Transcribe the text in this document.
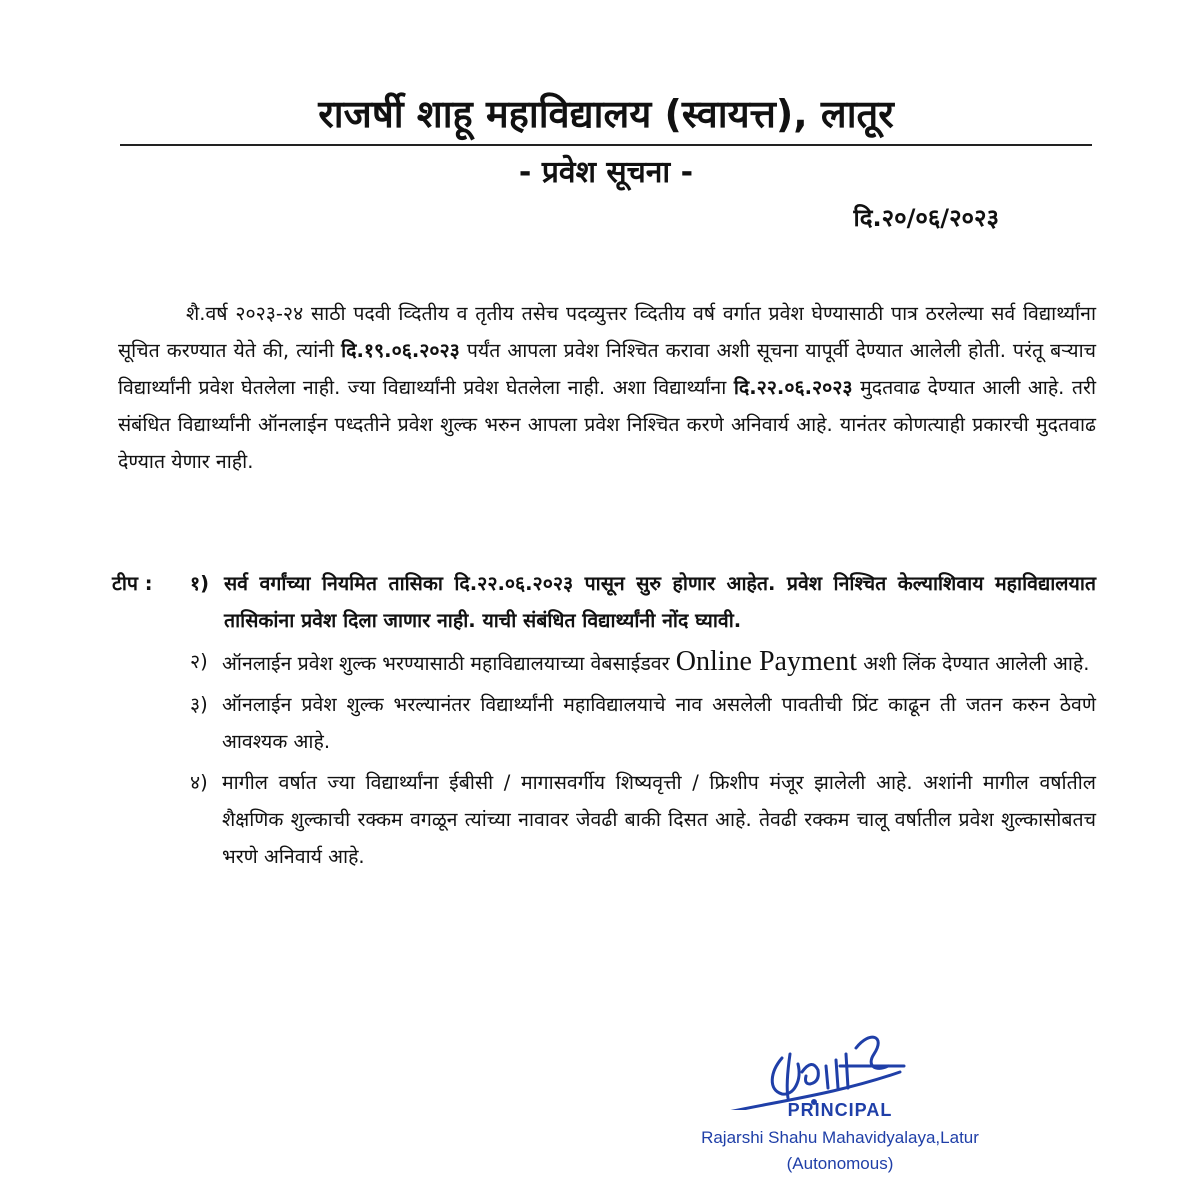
राजर्षी शाहू महाविद्यालय (स्वायत्त), लातूर
- प्रवेश सूचना -
दि.२०/०६/२०२३
शै.वर्ष २०२३-२४ साठी पदवी व्दितीय व तृतीय तसेच पदव्युत्तर व्दितीय वर्ष वर्गात प्रवेश घेण्यासाठी पात्र ठरलेल्या सर्व विद्यार्थ्यांना सूचित करण्यात येते की, त्यांनी दि.१९.०६.२०२३ पर्यंत आपला प्रवेश निश्चित करावा अशी सूचना यापूर्वी देण्यात आलेली होती. परंतू बऱ्याच विद्यार्थ्यांनी प्रवेश घेतलेला नाही. ज्या विद्यार्थ्यांनी प्रवेश घेतलेला नाही. अशा विद्यार्थ्यांना दि.२२.०६.२०२३ मुदतवाढ देण्यात आली आहे. तरी संबंधित विद्यार्थ्यांनी ऑनलाईन पध्दतीने प्रवेश शुल्क भरुन आपला प्रवेश निश्चित करणे अनिवार्य आहे. यानंतर कोणत्याही प्रकारची मुदतवाढ देण्यात येणार नाही.
टीप : १) सर्व वर्गांच्या नियमित तासिका दि.२२.०६.२०२३ पासून सुरु होणार आहेत. प्रवेश निश्चित केल्याशिवाय महाविद्यालयात तासिकांना प्रवेश दिला जाणार नाही. याची संबंधित विद्यार्थ्यांनी नोंद घ्यावी.
२) ऑनलाईन प्रवेश शुल्क भरण्यासाठी महाविद्यालयाच्या वेबसाईडवर Online Payment अशी लिंक देण्यात आलेली आहे.
३) ऑनलाईन प्रवेश शुल्क भरल्यानंतर विद्यार्थ्यांनी महाविद्यालयाचे नाव असलेली पावतीची प्रिंट काढून ती जतन करुन ठेवणे आवश्यक आहे.
४) मागील वर्षात ज्या विद्यार्थ्यांना ईबीसी / मागासवर्गीय शिष्यवृत्ती / फ्रिशीप मंजूर झालेली आहे. अशांनी मागील वर्षातील शैक्षणिक शुल्काची रक्कम वगळून त्यांच्या नावावर जेवढी बाकी दिसत आहे. तेवढी रक्कम चालू वर्षातील प्रवेश शुल्कासोबतच भरणे अनिवार्य आहे.
PRINCIPAL
Rajarshi Shahu Mahavidyalaya,Latur
(Autonomous)
